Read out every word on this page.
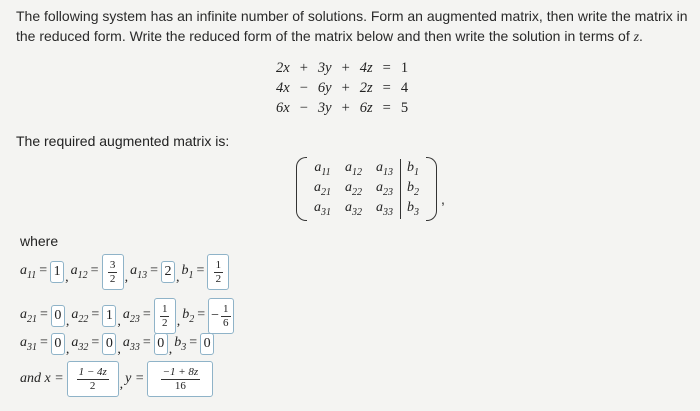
The following system has an infinite number of solutions. Form an augmented matrix, then write the matrix in the reduced form. Write the reduced form of the matrix below and then write the solution in terms of z.
2x	+	3y	+	4z	=	1
4x	−	6y	+	2z	=	4
6x	−	3y	+	6z	=	5
The required augmented matrix is:
$a_{11}$	$a_{12}$	$a_{13}$	$b_1$
$a_{21}$	$a_{22}$	$a_{23}$	$b_2$
$a_{31}$	$a_{32}$	$a_{33}$	$b_3$
,
where
$a_{11} = 1$ , $a_{12} = \frac{3}{2}$ , $a_{13} = 2$ , $b_1 = \frac{1}{2}$
$a_{21} = 0$ , $a_{22} = 1$ , $a_{23} = \frac{1}{2}$ , $b_2$ = − $\frac{1}{6}$
$a_{31} = 0$ , $a_{32} = 0$ , $a_{33} = 0$ , $b_3 = 0$
and $x = \frac{1 - 4z}{2}$ , $y = \frac{-1 + 8z}{16}$
